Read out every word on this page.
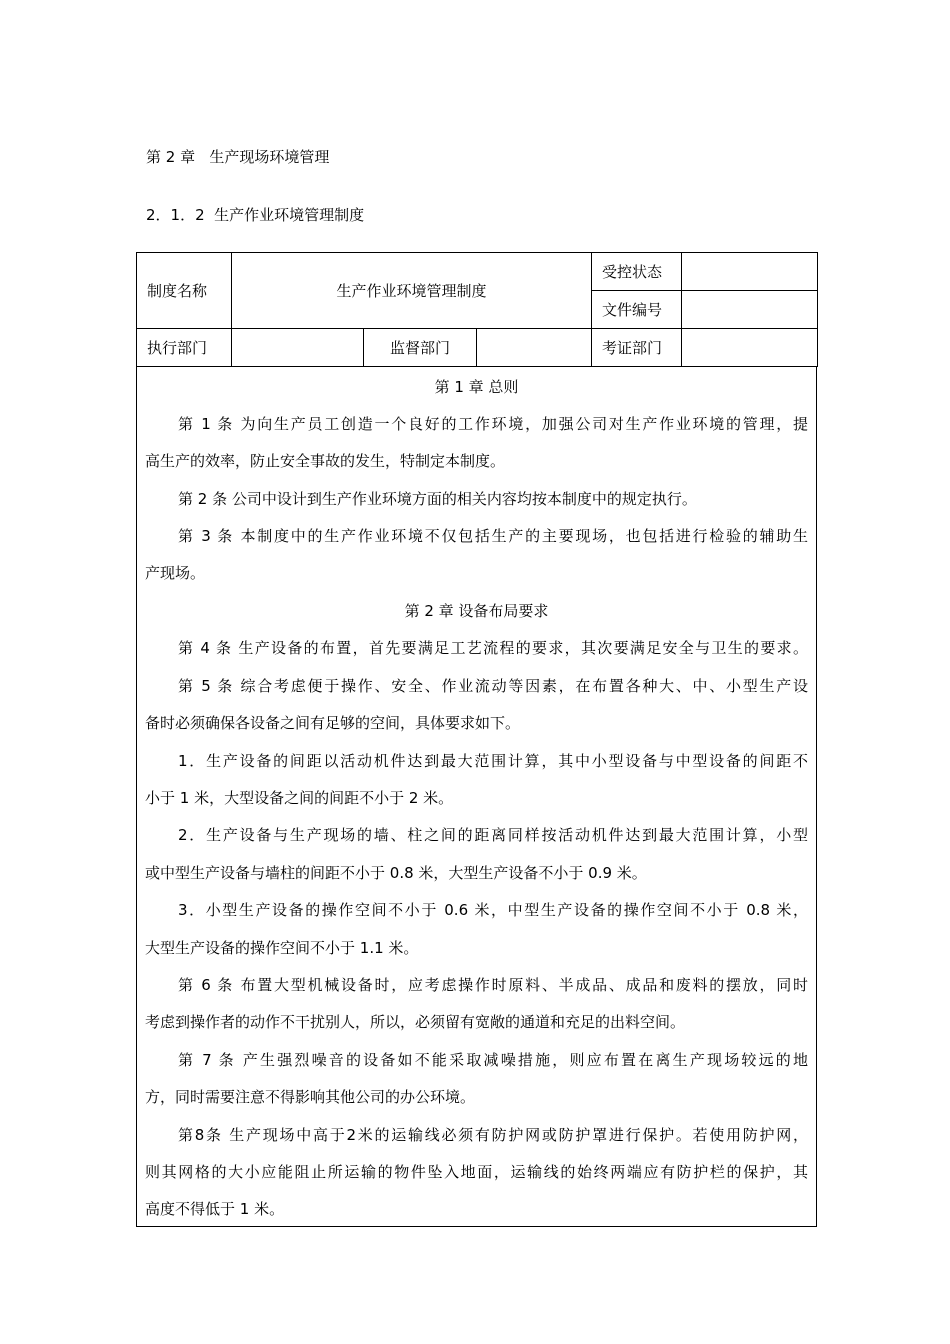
第 2 章   生产现场环境管理
2．1．2  生产作业环境管理制度
制度名称	生产作业环境管理制度			受控状态	
				文件编号	
执行部门		监督部门		考证部门	
第 1 章 总则
第 1 条 为向生产员工创造一个良好的工作环境，加强公司对生产作业环境的管理，提
高生产的效率，防止安全事故的发生，特制定本制度。
第 2 条 公司中设计到生产作业环境方面的相关内容均按本制度中的规定执行。
第 3 条 本制度中的生产作业环境不仅包括生产的主要现场，也包括进行检验的辅助生
产现场。
第 2 章 设备布局要求
第 4 条 生产设备的布置，首先要满足工艺流程的要求，其次要满足安全与卫生的要求。
第 5 条 综合考虑便于操作、安全、作业流动等因素，在布置各种大、中、小型生产设
备时必须确保各设备之间有足够的空间，具体要求如下。
1．生产设备的间距以活动机件达到最大范围计算，其中小型设备与中型设备的间距不
小于 1 米，大型设备之间的间距不小于 2 米。
2．生产设备与生产现场的墙、柱之间的距离同样按活动机件达到最大范围计算，小型
或中型生产设备与墙柱的间距不小于 0.8 米，大型生产设备不小于 0.9 米。
3．小型生产设备的操作空间不小于 0.6 米，中型生产设备的操作空间不小于 0.8 米，
大型生产设备的操作空间不小于 1.1 米。
第 6 条 布置大型机械设备时，应考虑操作时原料、半成品、成品和废料的摆放，同时
考虑到操作者的动作不干扰别人，所以，必须留有宽敞的通道和充足的出料空间。
第 7 条 产生强烈噪音的设备如不能采取减噪措施，则应布置在离生产现场较远的地
方，同时需要注意不得影响其他公司的办公环境。
第8条 生产现场中高于2米的运输线必须有防护网或防护罩进行保护。若使用防护网，
则其网格的大小应能阻止所运输的物件坠入地面，运输线的始终两端应有防护栏的保护，其
高度不得低于 1 米。
